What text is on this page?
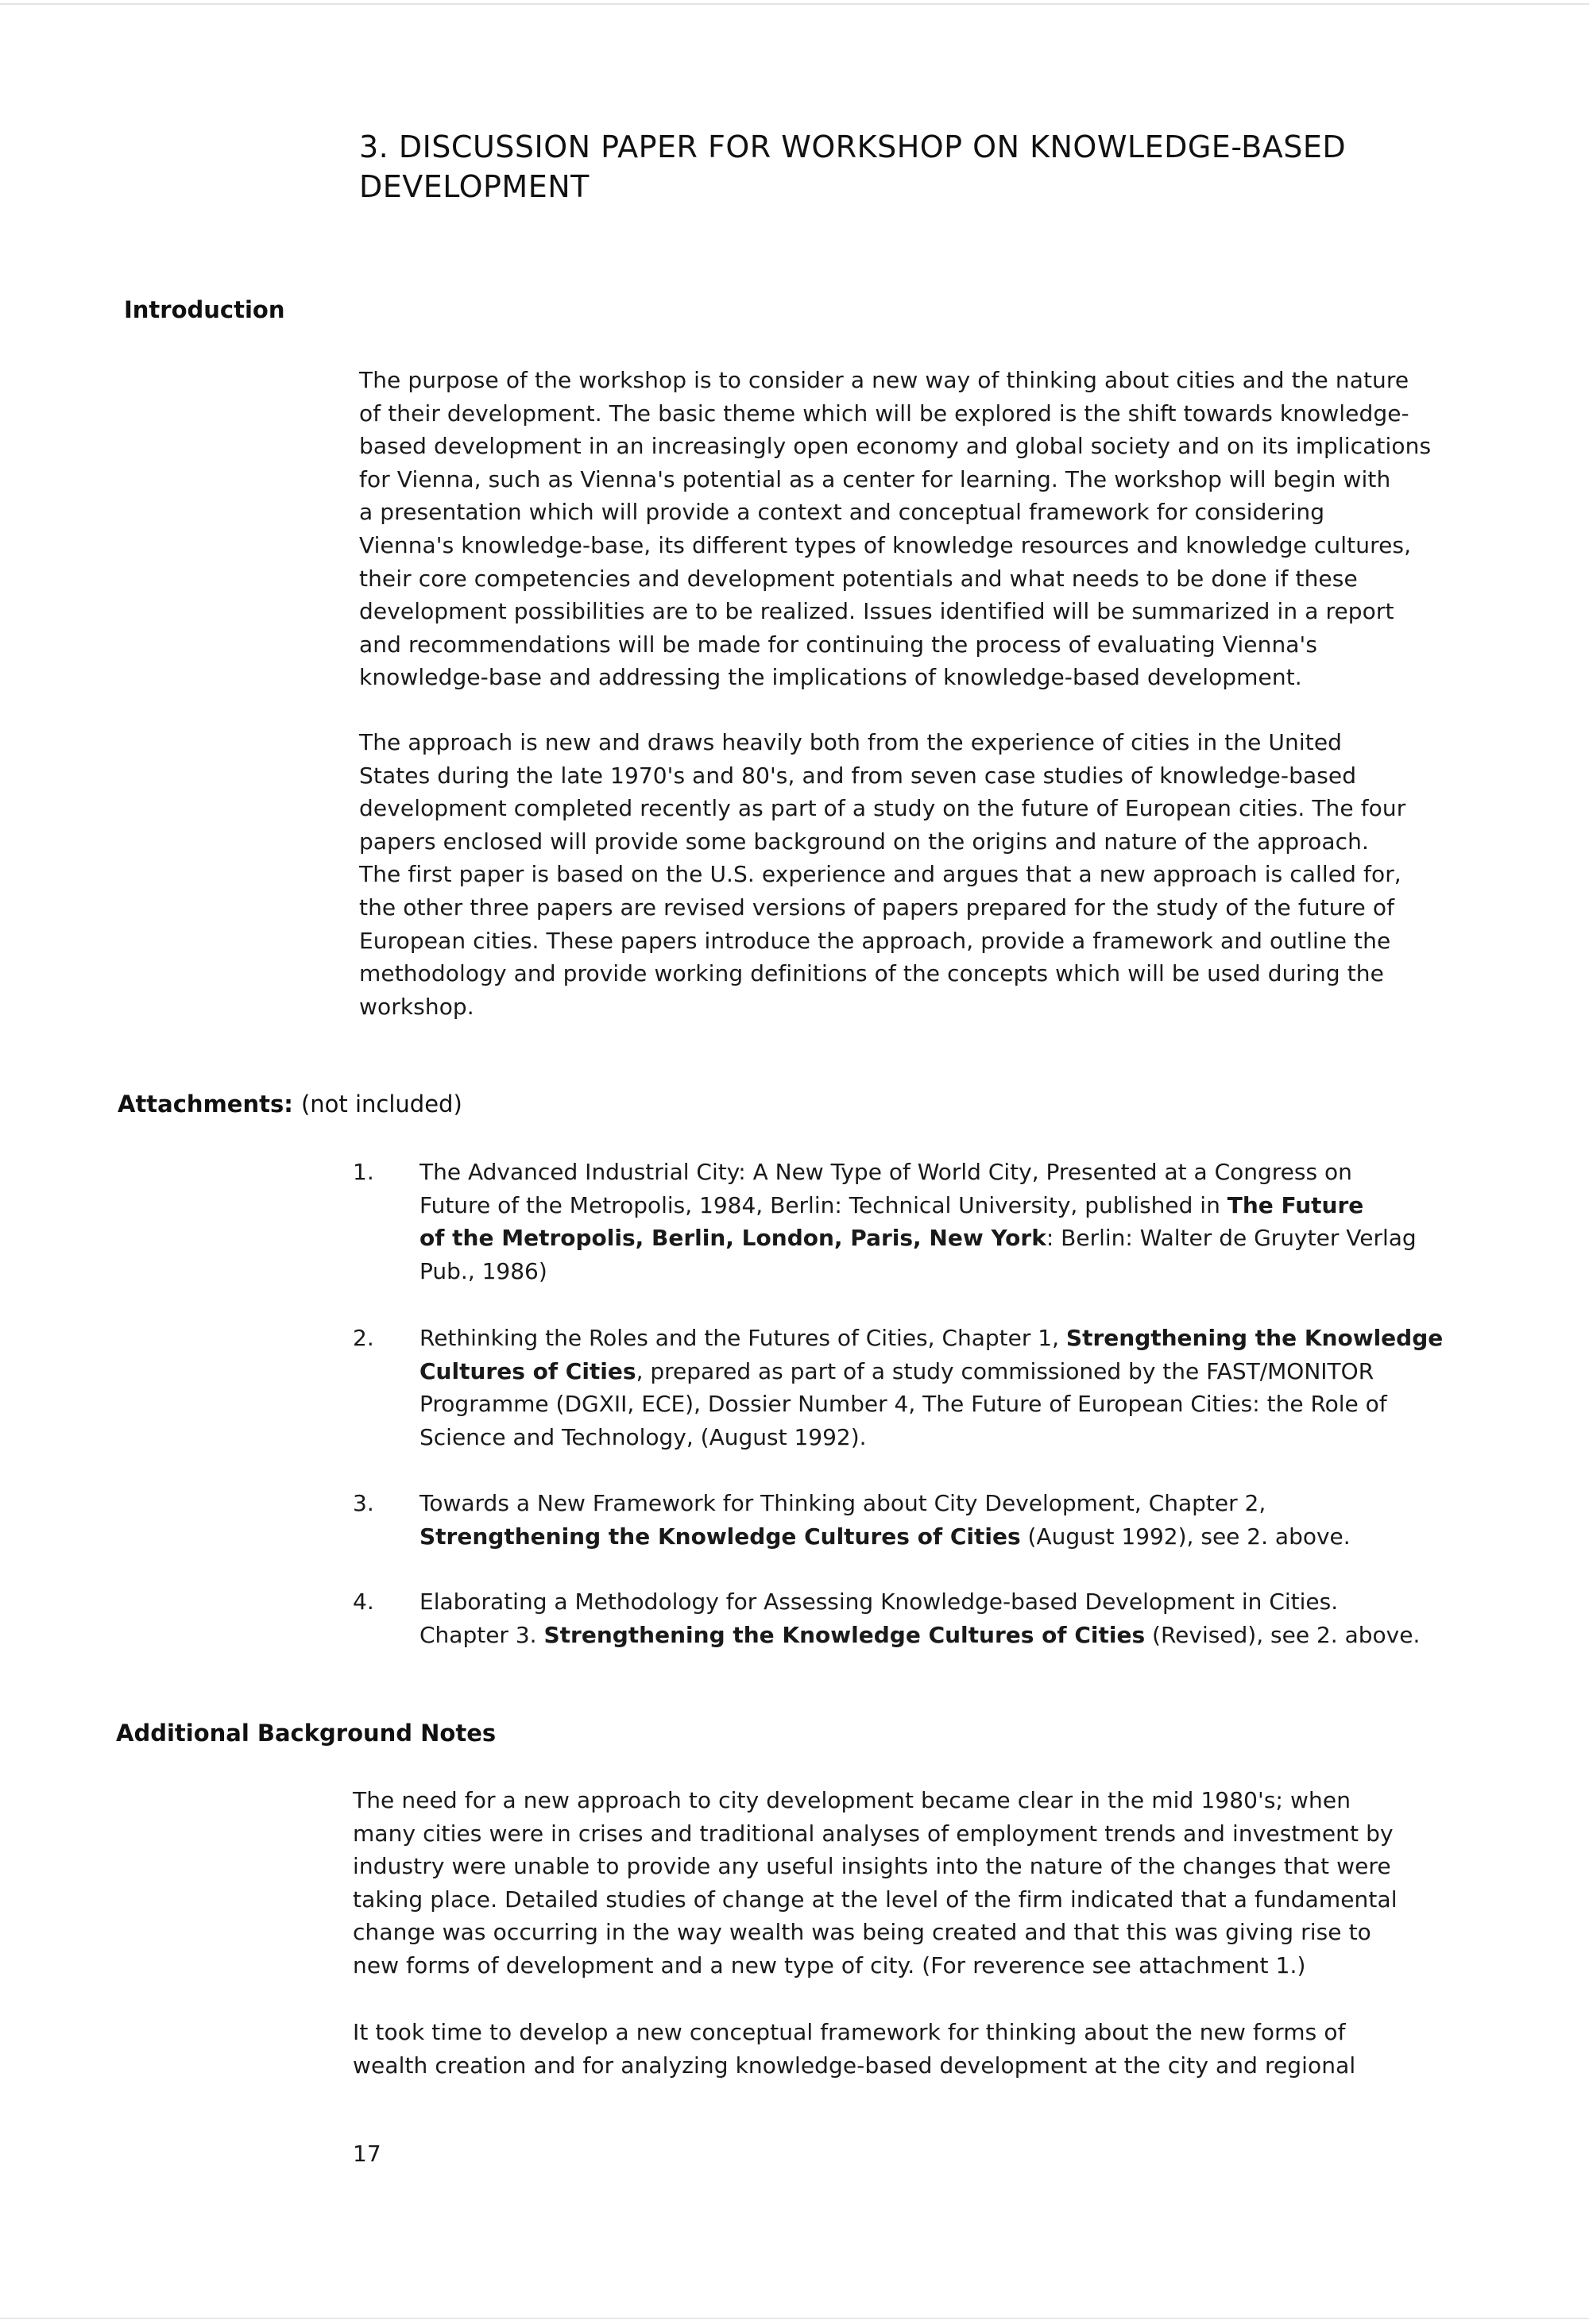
3. DISCUSSION PAPER FOR WORKSHOP ON KNOWLEDGE-BASED
DEVELOPMENT
Introduction
The purpose of the workshop is to consider a new way of thinking about cities and the nature
of their development. The basic theme which will be explored is the shift towards knowledge-
based development in an increasingly open economy and global society and on its implications
for Vienna, such as Vienna's potential as a center for learning. The workshop will begin with
a presentation which will provide a context and conceptual framework for considering
Vienna's knowledge-base, its different types of knowledge resources and knowledge cultures,
their core competencies and development potentials and what needs to be done if these
development possibilities are to be realized. Issues identified will be summarized in a report
and recommendations will be made for continuing the process of evaluating Vienna's
knowledge-base and addressing the implications of knowledge-based development.
The approach is new and draws heavily both from the experience of cities in the United
States during the late 1970's and 80's, and from seven case studies of knowledge-based
development completed recently as part of a study on the future of European cities. The four
papers enclosed will provide some background on the origins and nature of the approach.
The first paper is based on the U.S. experience and argues that a new approach is called for,
the other three papers are revised versions of papers prepared for the study of the future of
European cities. These papers introduce the approach, provide a framework and outline the
methodology and provide working definitions of the concepts which will be used during the
workshop.
Attachments: (not included)
1. The Advanced Industrial City: A New Type of World City, Presented at a Congress on
Future of the Metropolis, 1984, Berlin: Technical University, published in The Future
of the Metropolis, Berlin, London, Paris, New York: Berlin: Walter de Gruyter Verlag
Pub., 1986)
2. Rethinking the Roles and the Futures of Cities, Chapter 1, Strengthening the Knowledge
Cultures of Cities, prepared as part of a study commissioned by the FAST/MONITOR
Programme (DGXII, ECE), Dossier Number 4, The Future of European Cities: the Role of
Science and Technology, (August 1992).
3. Towards a New Framework for Thinking about City Development, Chapter 2,
Strengthening the Knowledge Cultures of Cities (August 1992), see 2. above.
4. Elaborating a Methodology for Assessing Knowledge-based Development in Cities.
Chapter 3. Strengthening the Knowledge Cultures of Cities (Revised), see 2. above.
Additional Background Notes
The need for a new approach to city development became clear in the mid 1980's; when
many cities were in crises and traditional analyses of employment trends and investment by
industry were unable to provide any useful insights into the nature of the changes that were
taking place. Detailed studies of change at the level of the firm indicated that a fundamental
change was occurring in the way wealth was being created and that this was giving rise to
new forms of development and a new type of city. (For reverence see attachment 1.)
It took time to develop a new conceptual framework for thinking about the new forms of
wealth creation and for analyzing knowledge-based development at the city and regional
17
